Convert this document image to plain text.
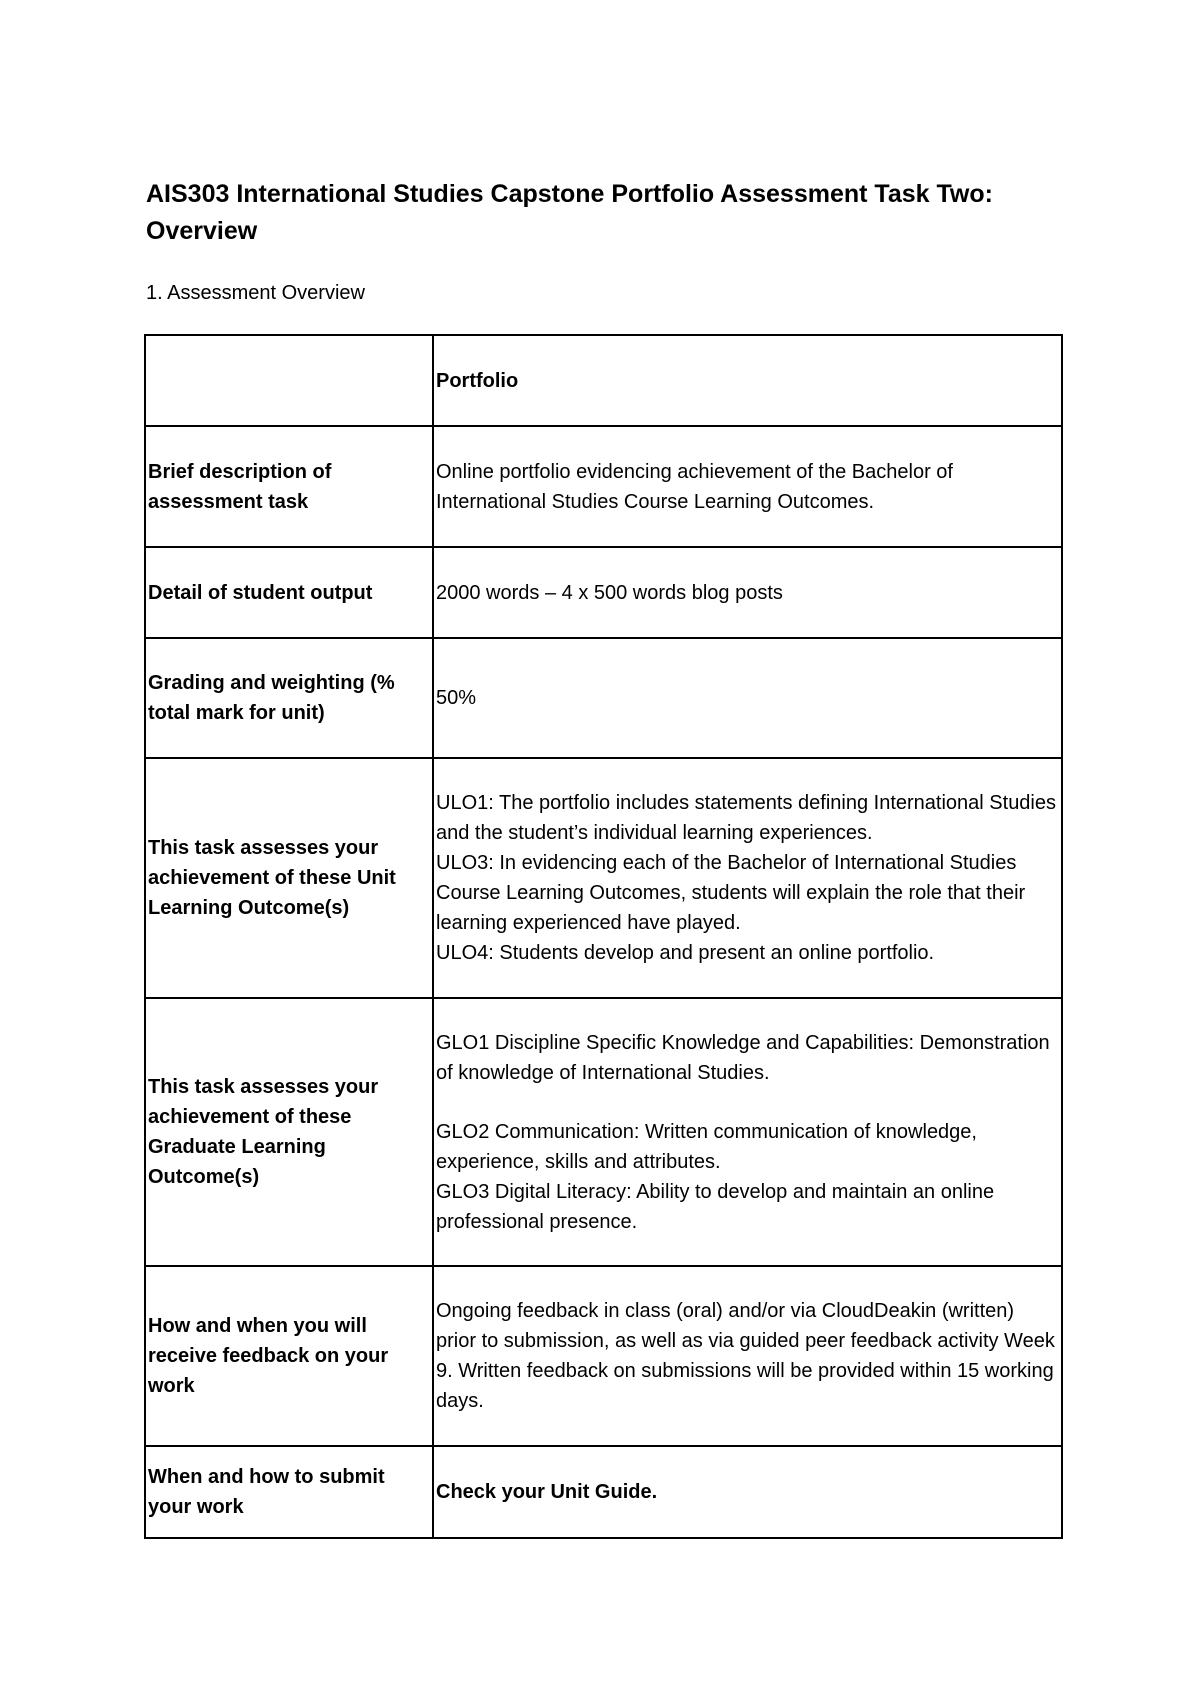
AIS303 International Studies Capstone Portfolio Assessment Task Two: Overview

1. Assessment Overview

	Portfolio
Brief description of assessment task	Online portfolio evidencing achievement of the Bachelor of International Studies Course Learning Outcomes.
Detail of student output	2000 words – 4 x 500 words blog posts
Grading and weighting (% total mark for unit)	50%
This task assesses your achievement of these Unit Learning Outcome(s)	ULO1: The portfolio includes statements defining International Studies and the student’s individual learning experiences.
ULO3: In evidencing each of the Bachelor of International Studies Course Learning Outcomes, students will explain the role that their learning experienced have played.
ULO4: Students develop and present an online portfolio.

This task assesses your achievement of these Graduate Learning Outcome(s)	GLO1 Discipline Specific Knowledge and Capabilities: Demonstration of knowledge of International Studies.
GLO2 Communication: Written communication of knowledge, experience, skills and attributes.
GLO3 Digital Literacy: Ability to develop and maintain an online professional presence.

How and when you will receive feedback on your work	Ongoing feedback in class (oral) and/or via CloudDeakin (written) prior to submission, as well as via guided peer feedback activity Week 9. Written feedback on submissions will be provided within 15 working days.
When and how to submit your work	Check your Unit Guide.
